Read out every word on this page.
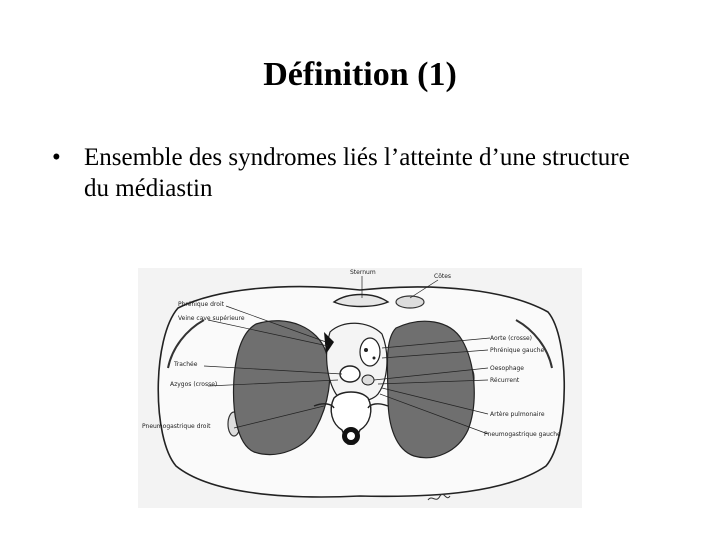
Définition (1)
• Ensemble des syndromes liés l’atteinte d’une structure du médiastin
Sternum
Côtes
Phrénique droit
Veine cave supérieure
Trachée
Azygos (crosse)
Pneumogastrique droit
Aorte (crosse)
Phrénique gauche
Oesophage
Récurrent
Artère pulmonaire
Pneumogastrique gauche
